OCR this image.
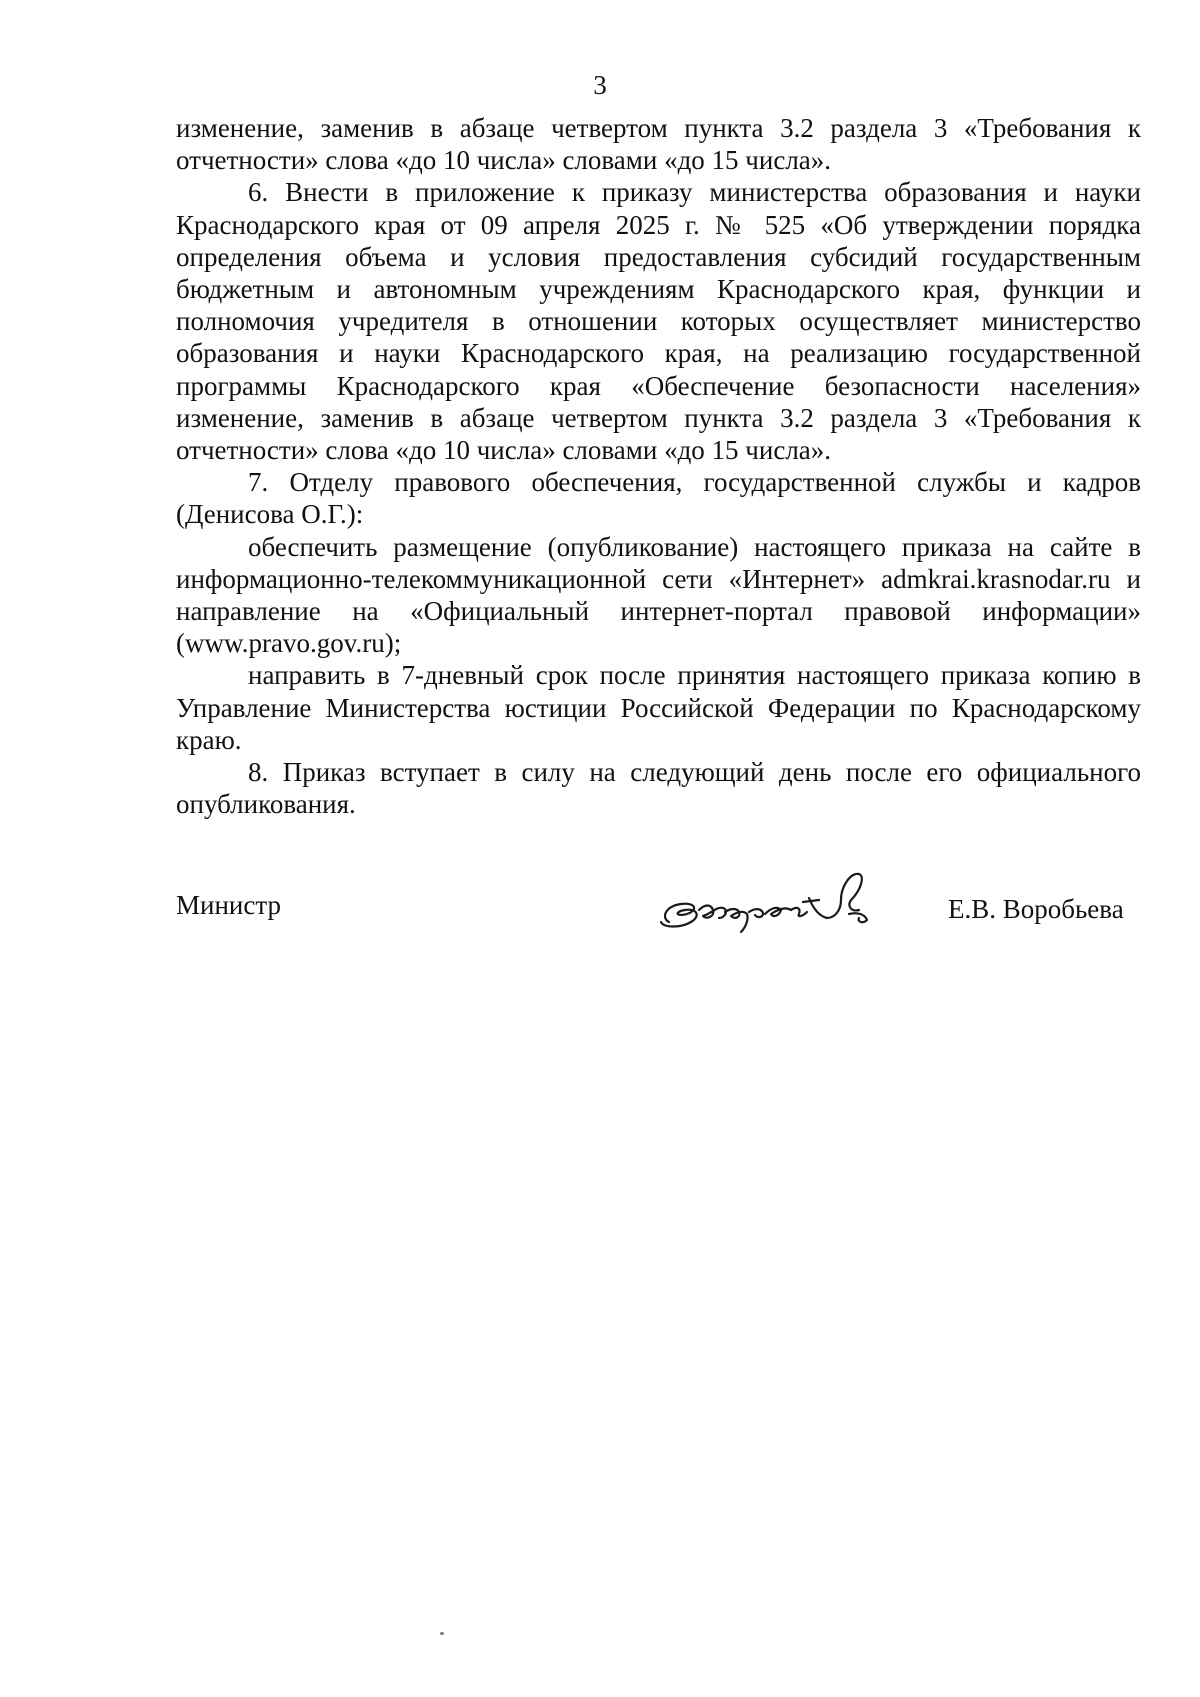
3

изменение, заменив в абзаце четвертом пункта 3.2 раздела 3 «Требования к отчетности» слова «до 10 числа» словами «до 15 числа».

6. Внести в приложение к приказу министерства образования и науки Краснодарского края от 09 апреля 2025 г. № 525 «Об утверждении порядка определения объема и условия предоставления субсидий государственным бюджетным и автономным учреждениям Краснодарского края, функции и полномочия учредителя в отношении которых осуществляет министерство образования и науки Краснодарского края, на реализацию государственной программы Краснодарского края «Обеспечение безопасности населения» изменение, заменив в абзаце четвертом пункта 3.2 раздела 3 «Требования к отчетности» слова «до 10 числа» словами «до 15 числа».

7. Отделу правового обеспечения, государственной службы и кадров (Денисова О.Г.):

обеспечить размещение (опубликование) настоящего приказа на сайте в информационно-телекоммуникационной сети «Интернет» admkrai.krasnodar.ru и направление на «Официальный интернет-портал правовой информации» (www.pravo.gov.ru);

направить в 7-дневный срок после принятия настоящего приказа копию в Управление Министерства юстиции Российской Федерации по Краснодарскому краю.

8. Приказ вступает в силу на следующий день после его официального опубликования.

Министр	Е.В. Воробьева
